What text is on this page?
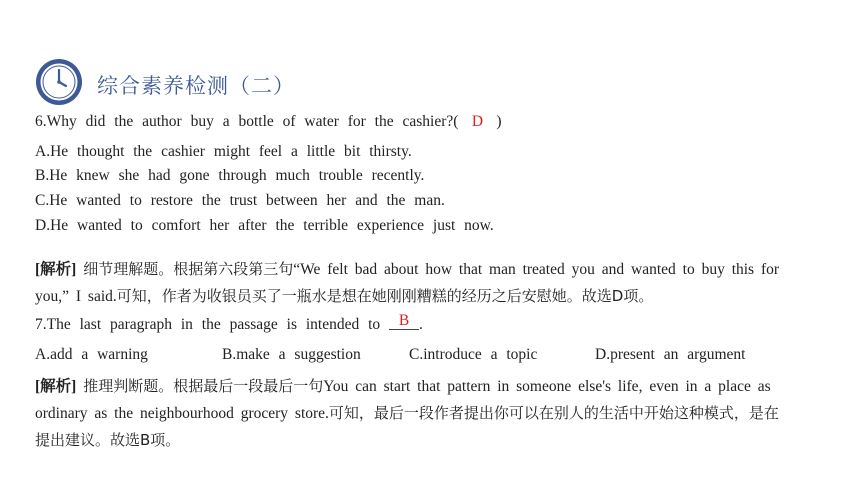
综合素养检测（二）
6.Why did the author buy a bottle of water for the cashier?( D )
A.He thought the cashier might feel a little bit thirsty.
B.He knew she had gone through much trouble recently.
C.He wanted to restore the trust between her and the man.
D.He wanted to comfort her after the terrible experience just now.
[解析] 细节理解题。根据第六段第三句“We felt bad about how that man treated you and wanted to buy this for you,” I said.可知，作者为收银员买了一瓶水是想在她刚刚糟糕的经历之后安慰她。故选D项。
7.The last paragraph in the passage is intended to B .
A.add a warning	B.make a suggestion	C.introduce a topic	D.present an argument
[解析] 推理判断题。根据最后一段最后一句You can start that pattern in someone else's life, even in a place as ordinary as the neighbourhood grocery store.可知，最后一段作者提出你可以在别人的生活中开始这种模式，是在提出建议。故选B项。
